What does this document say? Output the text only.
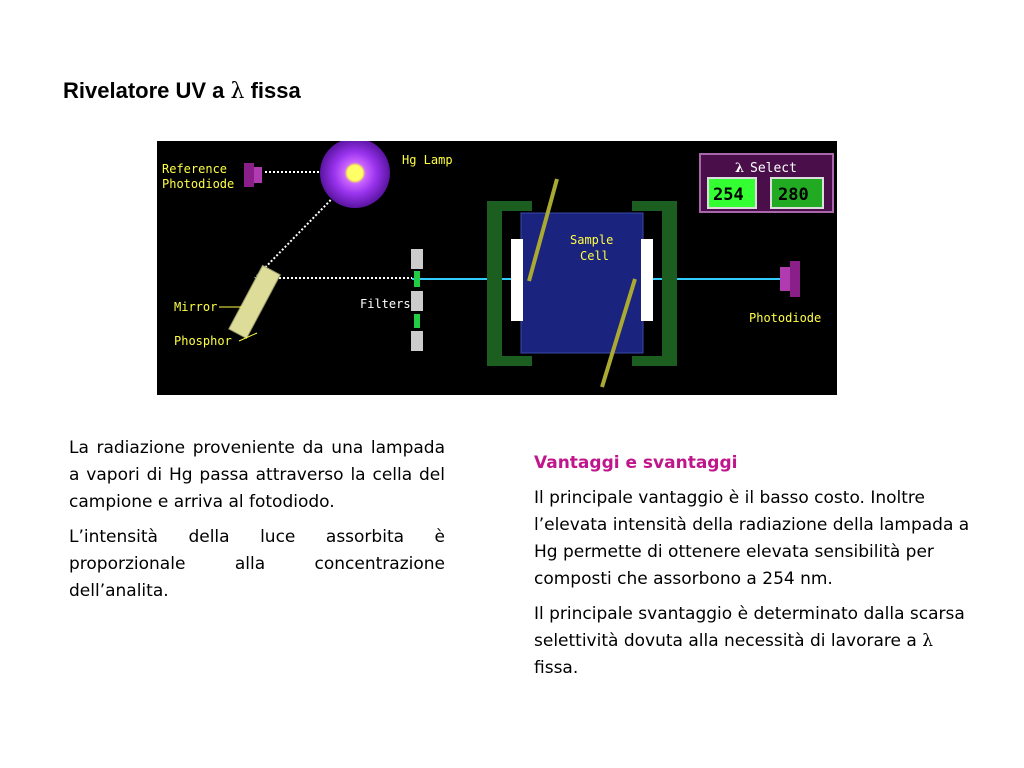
Rivelatore UV a λ fissa
Reference
Photodiode
Hg Lamp
Mirror
Phosphor
Filters
Sample
Cell
Photodiode
λ Select
254 280

La radiazione proveniente da una lampada a vapori di Hg passa attraverso la cella del campione e arriva al fotodiodo.

L’intensità della luce assorbita è proporzionale alla concentrazione dell’analita.

Vantaggi e svantaggi

Il principale vantaggio è il basso costo. Inoltre l’elevata intensità della radiazione della lampada a Hg permette di ottenere elevata sensibilità per composti che assorbono a 254 nm.

Il principale svantaggio è determinato dalla scarsa selettività dovuta alla necessità di lavorare a λ fissa.
